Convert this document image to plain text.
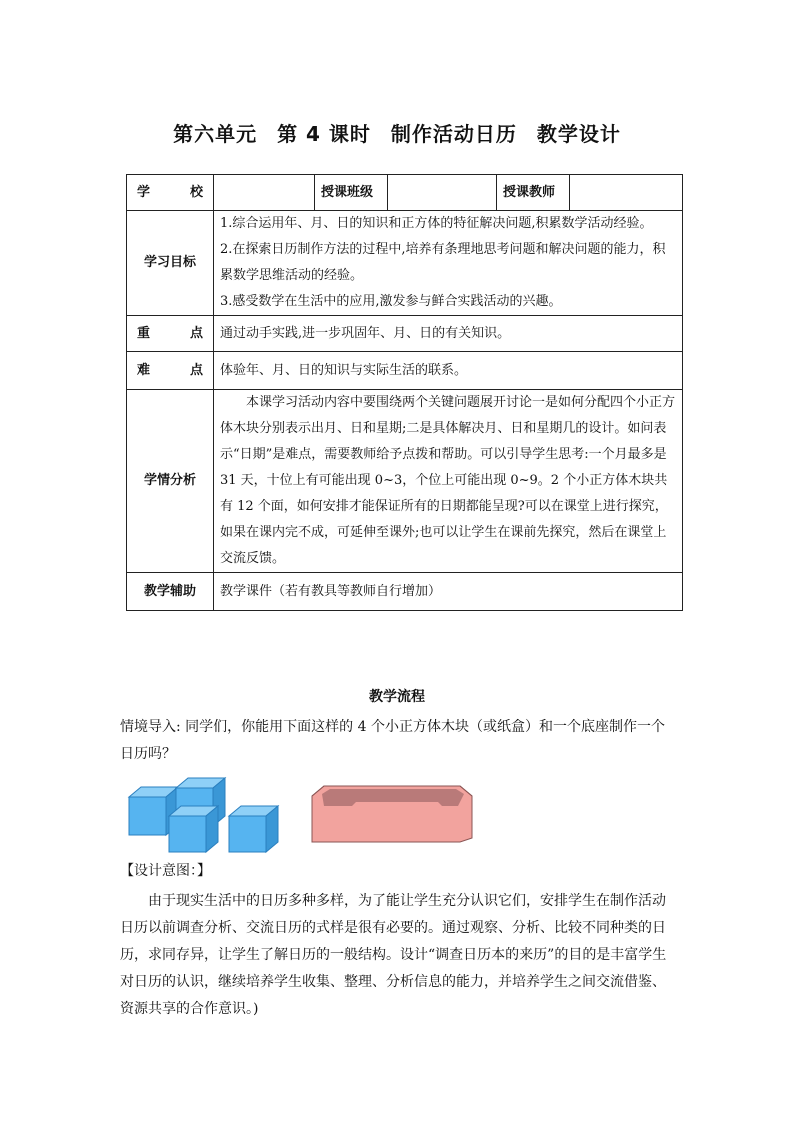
第六单元 第 4 课时 制作活动日历 教学设计
学 校		授课班级		授课教师	
学习目标	1.综合运用年、月、日的知识和正方体的特征解决问题,积累数学活动经验。

2.在探索日历制作方法的过程中,培养有条理地思考问题和解决问题的能力，积累数学思维活动的经验。

3.感受数学在生活中的应用,激发参与鲜合实践活动的兴趣。				

重 点	通过动手实践,进一步巩固年、月、日的有关知识。				

难 点	体验年、月、日的知识与实际生活的联系。				
学情分析	本课学习活动内容中要围绕两个关键问题展开讨论一是如何分配四个小正方体木块分别表示出月、日和星期;二是具体解决月、日和星期几的设计。如问表示“日期”是难点，需要教师给予点拨和帮助。可以引导学生思考:一个月最多是 31 天，十位上有可能出现 0~3，个位上可能出现 0~9。2 个小正方体木块共有 12 个面，如何安排才能保证所有的日期都能呈现?可以在课堂上进行探究，如果在课内完不成，可延伸至课外;也可以让学生在课前先探究，然后在课堂上交流反馈。				

教学辅助	教学课件（若有教具等教师自行增加）				
教学流程

情境导入: 同学们，你能用下面这样的 4 个小正方体木块（或纸盒）和一个底座制作一个日历吗？

【设计意图：】

由于现实生活中的日历多种多样，为了能让学生充分认识它们，安排学生在制作活动日历以前调查分析、交流日历的式样是很有必要的。通过观察、分析、比较不同种类的日历，求同存异，让学生了解日历的一般结构。设计“调查日历本的来历”的目的是丰富学生对日历的认识，继续培养学生收集、整理、分析信息的能力，并培养学生之间交流借鉴、资源共享的合作意识。)
